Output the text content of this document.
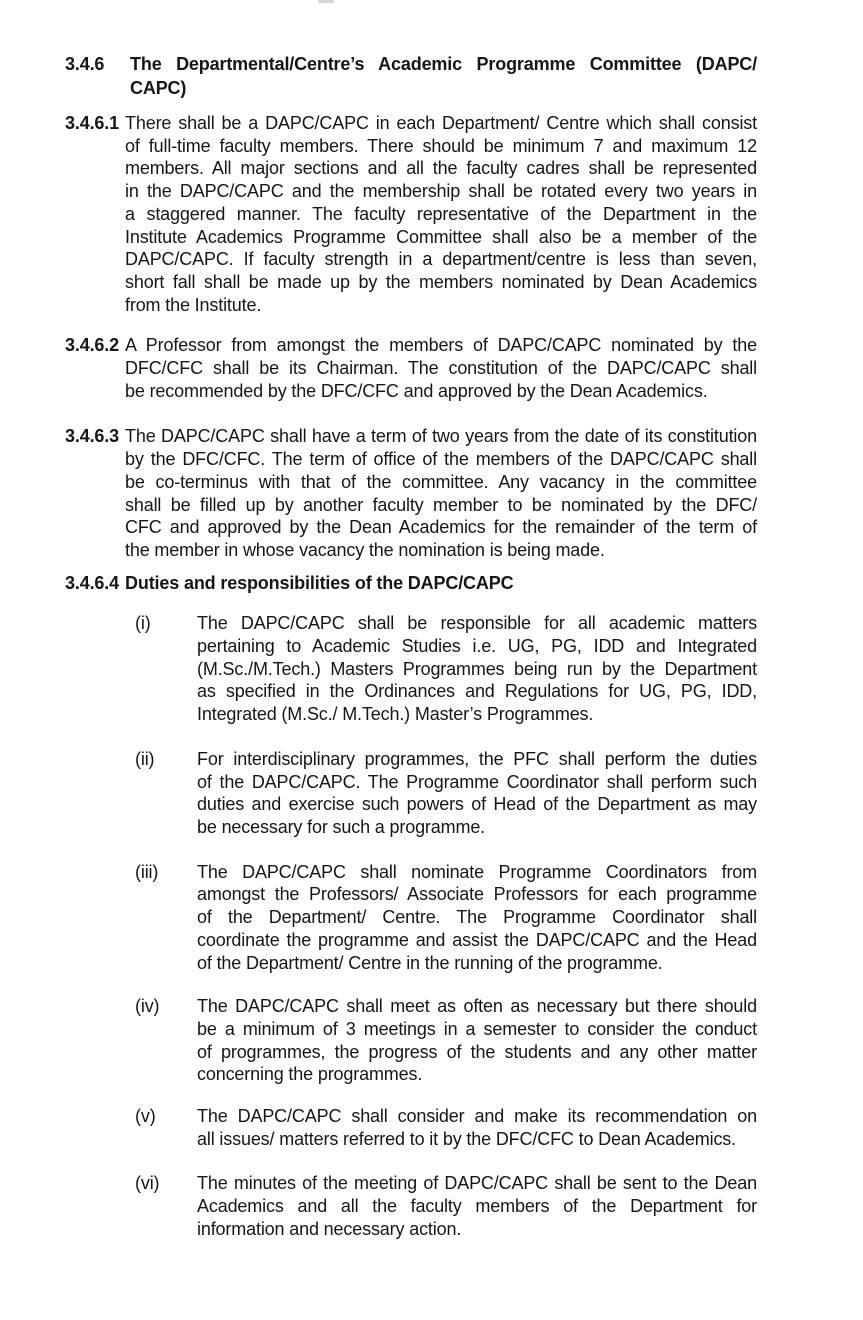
3.4.6	The Departmental/Centre’s Academic Programme Committee (DAPC/
CAPC)
3.4.6.1 There shall be a DAPC/CAPC in each Department/ Centre which shall consist
of full-time faculty members. There should be minimum 7 and maximum 12
members. All major sections and all the faculty cadres shall be represented
in the DAPC/CAPC and the membership shall be rotated every two years in
a staggered manner. The faculty representative of the Department in the
Institute Academics Programme Committee shall also be a member of the
DAPC/CAPC. If faculty strength in a department/centre is less than seven,
short fall shall be made up by the members nominated by Dean Academics
from the Institute.
3.4.6.2 A Professor from amongst the members of DAPC/CAPC nominated by the
DFC/CFC shall be its Chairman. The constitution of the DAPC/CAPC shall
be recommended by the DFC/CFC and approved by the Dean Academics.
3.4.6.3 The DAPC/CAPC shall have a term of two years from the date of its constitution
by the DFC/CFC. The term of office of the members of the DAPC/CAPC shall
be co-terminus with that of the committee. Any vacancy in the committee
shall be filled up by another faculty member to be nominated by the DFC/
CFC and approved by the Dean Academics for the remainder of the term of
the member in whose vacancy the nomination is being made.
3.4.6.4 Duties and responsibilities of the DAPC/CAPC
(i)	The DAPC/CAPC shall be responsible for all academic matters
pertaining to Academic Studies i.e. UG, PG, IDD and Integrated
(M.Sc./M.Tech.) Masters Programmes being run by the Department
as specified in the Ordinances and Regulations for UG, PG, IDD,
Integrated (M.Sc./ M.Tech.) Master’s Programmes.
(ii)	For interdisciplinary programmes, the PFC shall perform the duties
of the DAPC/CAPC. The Programme Coordinator shall perform such
duties and exercise such powers of Head of the Department as may
be necessary for such a programme.
(iii)	The DAPC/CAPC shall nominate Programme Coordinators from
amongst the Professors/ Associate Professors for each programme
of the Department/ Centre. The Programme Coordinator shall
coordinate the programme and assist the DAPC/CAPC and the Head
of the Department/ Centre in the running of the programme.
(iv)	The DAPC/CAPC shall meet as often as necessary but there should
be a minimum of 3 meetings in a semester to consider the conduct
of programmes, the progress of the students and any other matter
concerning the programmes.
(v)	The DAPC/CAPC shall consider and make its recommendation on
all issues/ matters referred to it by the DFC/CFC to Dean Academics.
(vi)	The minutes of the meeting of DAPC/CAPC shall be sent to the Dean
Academics and all the faculty members of the Department for
information and necessary action.
